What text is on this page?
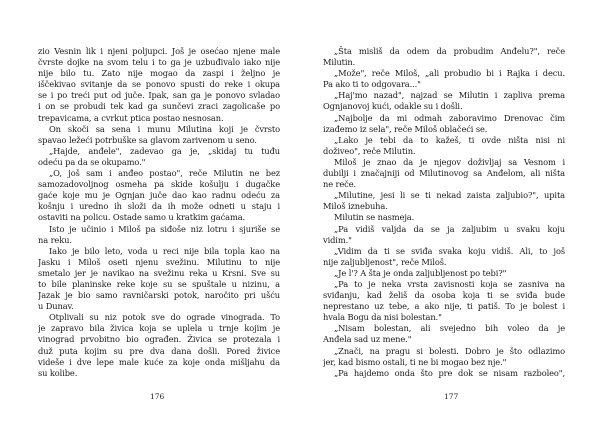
zio Vesnin lik i njeni poljupci. Još je osećao njene male
čvrste dojke na svom telu i to ga je uzbuđivalo iako nije
nije bilo tu. Zato nije mogao da zaspi i željno je
iščekivao svitanje da se ponovo spusti do reke i okupa
se i po treći put od juče. Ipak, san ga je ponovo svladao
i on se probudi tek kad ga sunčevi zraci zagolicaše po
trepavicama, a cvrkut ptica postao nesnosan.
On skoči sa sena i munu Milutina koji je čvrsto
spavao ležeći potrbuške sa glavom zarivenom u seno.
„Hajde, anđele", zadevao ga je, „skidaj tu tuđu
odeću pa da se okupamo."
„O, još sam i anđeo postao", reče Milutin ne bez
samozadovoljnog osmeha pa skide košulju i dugačke
gaće koje mu je Ognjan juče dao kao radnu odeću za
košnju i uredno ih složi da ih može odneti u staju i
ostaviti na policu. Ostade samo u kratkim gaćama.
Isto je učinio i Miloš pa siđoše niz lotru i sjuriše se
na reku.
Iako je bilo leto, voda u reci nije bila topla kao na
Jasku i Miloš oseti njenu svežinu. Milutinu to nije
smetalo jer je navikao na svežinu reka u Krsni. Sve su
to bile planinske reke koje su se spuštale u nizinu, a
Jazak je bio samo ravničarski potok, naročito pri ušću
u Dunav.
Otplivali su niz potok sve do ograde vinograda. To
je zapravo bila živica koja se uplela u trnje kojim je
vinograd prvobitno bio ograđen. Živica se protezala i
duž puta kojim su pre dva dana došli. Pored živice
videše i dve lepe male kuće za koje onda mišljahu da
su kolibe.
176
„Šta misliš da odem da probudim Anđelu?", reče
Milutin.
„Može", reče Miloš, „ali probudio bi i Rajka i decu.
Pa ako ti to odgovara..."
„Haj'mo nazad", najzad se Milutin i zapliva prema
Ognjanovoj kući, odakle su i došli.
„Najbolje da mi odmah zaboravimo Drenovac čim
izađemo iz sela", reče Miloš oblačeći se.
„Lako je tebi da to kažeš, ti ovde ništa nisi ni
doživeo", reče Milutin.
Miloš je znao da je njegov doživljaj sa Vesnom i
dubilji i značajniji od Milutinovog sa Anđelom, ali ništa
ne reče.
„Milutine, jesi li se ti nekad zaista zaljubio?", upita
Miloš iznebuha.
Milutin se nasmeja.
„Pa vidiš valjda da se ja zaljubim u svaku koju
vidim."
„Vidim da ti se sviđa svaka koju vidiš. Ali, to još
nije zaljubljenost", reče Miloš.
„Je l'? A šta je onda zaljubljenost po tebi?"
„Pa to je neka vrsta zavisnosti koja se zasniva na
sviđanju, kad želiš da osoba koja ti se sviđa bude
neprestano uz tebe, a ako nije, ti patiš. To je bolest i
hvala Bogu da nisi bolestan."
„Nisam bolestan, ali svejedno bih voleo da je
Anđela sad uz mene."
„Znači, na pragu si bolesti. Dobro je što odlazimo
jer, kad bismo ostali, ti ne bi mogao bez nje."
„Pa hajdemo onda što pre dok se nisam razboleo",
177
